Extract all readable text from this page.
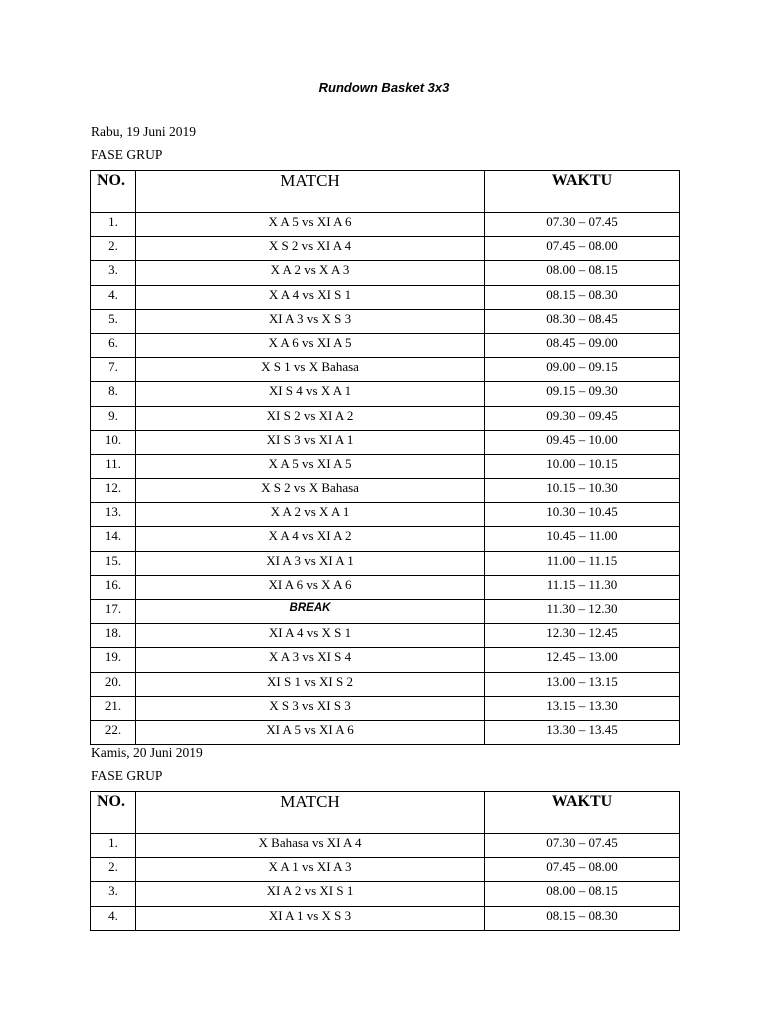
Rundown Basket 3x3
Rabu, 19 Juni 2019
FASE GRUP
NO.	MATCH	WAKTU
1.	X A 5 vs XI A 6	07.30 – 07.45
2.	X S 2 vs XI A 4	07.45 – 08.00
3.	X A 2 vs X A 3	08.00 – 08.15
4.	X A 4 vs XI S 1	08.15 – 08.30
5.	XI A 3 vs X S 3	08.30 – 08.45
6.	X A 6 vs XI A 5	08.45 – 09.00
7.	X S 1 vs X Bahasa	09.00 – 09.15
8.	XI S 4 vs X A 1	09.15 – 09.30
9.	XI S 2 vs XI A 2	09.30 – 09.45
10.	XI S 3 vs XI A 1	09.45 – 10.00
11.	X A 5 vs XI A 5	10.00 – 10.15
12.	X S 2 vs X Bahasa	10.15 – 10.30
13.	X A 2 vs X A 1	10.30 – 10.45
14.	X A 4 vs XI A 2	10.45 – 11.00
15.	XI A 3 vs XI A 1	11.00 – 11.15
16.	XI A 6 vs X A 6	11.15 – 11.30
17.	BREAK	11.30 – 12.30
18.	XI A 4 vs X S 1	12.30 – 12.45
19.	X A 3 vs XI S 4	12.45 – 13.00
20.	XI S 1 vs XI S 2	13.00 – 13.15
21.	X S 3 vs XI S 3	13.15 – 13.30
22.	XI A 5 vs XI A 6	13.30 – 13.45
Kamis, 20 Juni 2019
FASE GRUP
NO.	MATCH	WAKTU
1.	X Bahasa vs XI A 4	07.30 – 07.45
2.	X A 1 vs XI A 3	07.45 – 08.00
3.	XI A 2 vs XI S 1	08.00 – 08.15
4.	XI A 1 vs X S 3	08.15 – 08.30
